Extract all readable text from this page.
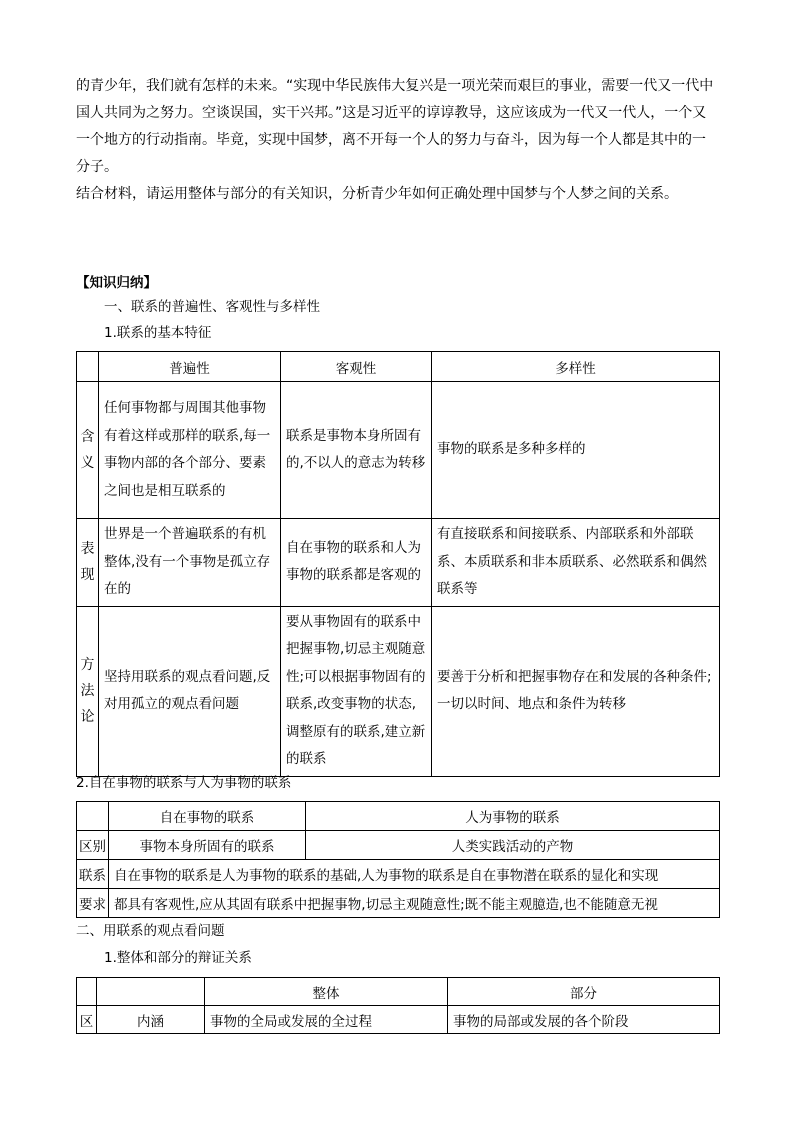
的青少年，我们就有怎样的未来。“实现中华民族伟大复兴是一项光荣而艰巨的事业，需要一代又一代中国人共同为之努力。空谈误国，实干兴邦。”这是习近平的谆谆教导，这应该成为一代又一代人，一个又一个地方的行动指南。毕竟，实现中国梦，离不开每一个人的努力与奋斗，因为每一个人都是其中的一分子。

结合材料，请运用整体与部分的有关知识，分析青少年如何正确处理中国梦与个人梦之间的关系。

【知识归纳】

一、联系的普遍性、客观性与多样性

1.联系的基本特征

	普遍性	客观性	多样性

含
义	任何事物都与周围其他事物有着这样或那样的联系,每一事物内部的各个部分、要素之间也是相互联系的	联系是事物本身所固有的,不以人的意志为转移	事物的联系是多种多样的

表
现	世界是一个普遍联系的有机整体,没有一个事物是孤立存在的	自在事物的联系和人为事物的联系都是客观的	有直接联系和间接联系、内部联系和外部联系、本质联系和非本质联系、必然联系和偶然联系等

方
法
论	坚持用联系的观点看问题,反对用孤立的观点看问题	要从事物固有的联系中把握事物,切忌主观随意性;可以根据事物固有的联系,改变事物的状态,调整原有的联系,建立新的联系	要善于分析和把握事物存在和发展的各种条件;一切以时间、地点和条件为转移

2.自在事物的联系与人为事物的联系

	自在事物的联系	人为事物的联系
区别	事物本身所固有的联系	人类实践活动的产物
联系	自在事物的联系是人为事物的联系的基础,人为事物的联系是自在事物潜在联系的显化和实现	
要求	都具有客观性,应从其固有联系中把握事物,切忌主观随意性;既不能主观臆造,也不能随意无视	

二、用联系的观点看问题

1.整体和部分的辩证关系

		整体	部分
区	内涵	事物的全局或发展的全过程	事物的局部或发展的各个阶段
